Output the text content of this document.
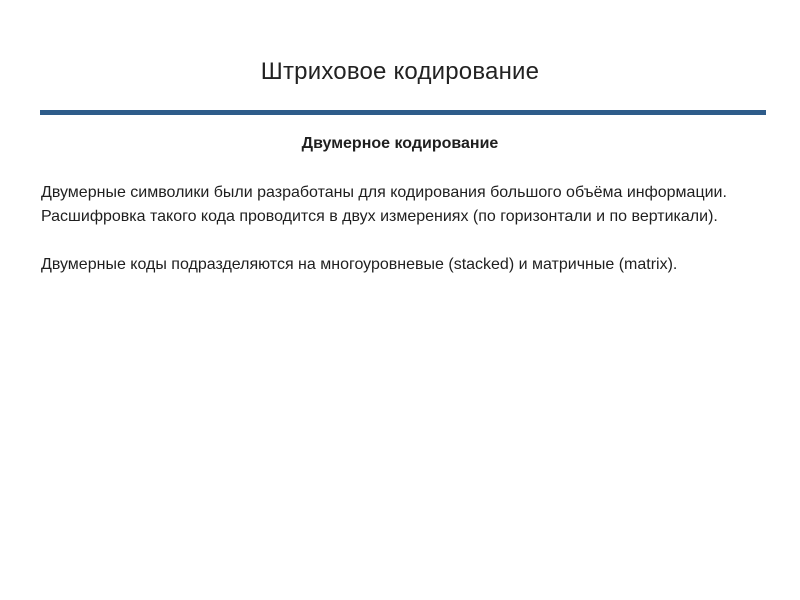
Штриховое кодирование
Двумерное кодирование

Двумерные символики были разработаны для кодирования большого объёма информации.

Расшифровка такого кода проводится в двух измерениях (по горизонтали и по вертикали).

Двумерные коды подразделяются на многоуровневые (stacked) и матричные (matrix).
